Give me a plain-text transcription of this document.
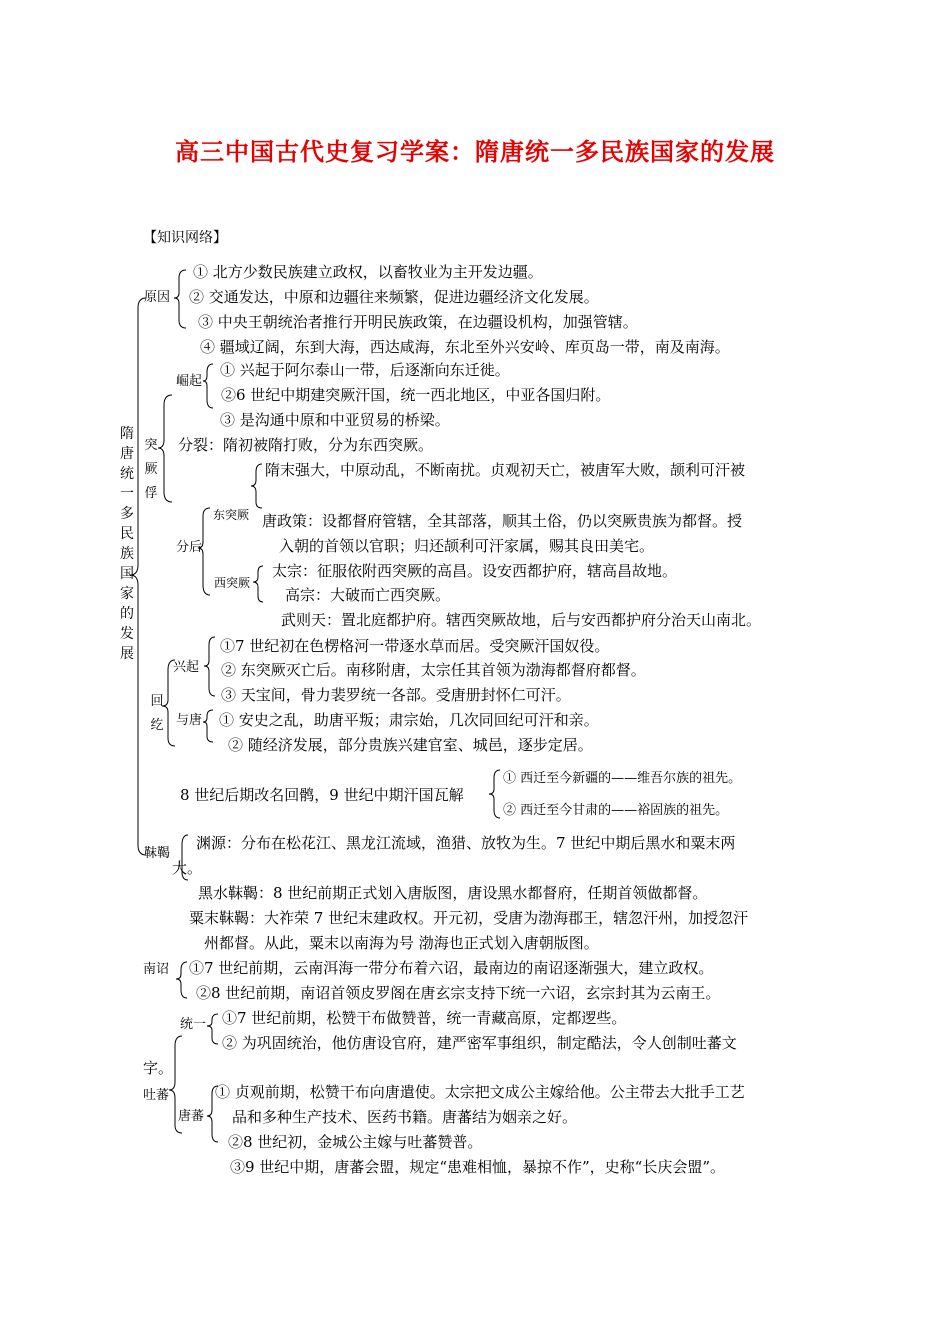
高三中国古代史复习学案：隋唐统一多民族国家的发展
【知识网络】
隋唐统一多民族国家的发展
原因
① 北方少数民族建立政权，以畜牧业为主开发边疆。
② 交通发达，中原和边疆往来频繁，促进边疆经济文化发展。
③ 中央王朝统治者推行开明民族政策，在边疆设机构，加强管辖。
④ 疆域辽阔，东到大海，西达咸海，东北至外兴安岭、库页岛一带，南及南海。
突厥俘
崛起
① 兴起于阿尔泰山一带，后逐渐向东迁徙。
②6 世纪中期建突厥汗国，统一西北地区，中亚各国归附。
③ 是沟通中原和中亚贸易的桥梁。
分裂：隋初被隋打败，分为东西突厥。
分后
东突厥
隋末强大，中原动乱，不断南扰。贞观初天亡，被唐军大败，颉利可汗被
唐政策：设都督府管辖，全其部落，顺其土俗，仍以突厥贵族为都督。授
入朝的首领以官职；归还颉利可汗家属，赐其良田美宅。
西突厥
太宗：征服依附西突厥的高昌。设安西都护府，辖高昌故地。
高宗：大破而亡西突厥。
武则天：置北庭都护府。辖西突厥故地，后与安西都护府分治天山南北。
回纥
兴起
①7 世纪初在色楞格河一带逐水草而居。受突厥汗国奴役。
② 东突厥灭亡后。南移附唐，太宗任其首领为渤海都督府都督。
③ 天宝间，骨力裴罗统一各部。受唐册封怀仁可汗。
与唐 ① 安史之乱，助唐平叛；肃宗始，几次同回纪可汗和亲。
② 随经济发展，部分贵族兴建官室、城邑，逐步定居。
8 世纪后期改名回鹘，9 世纪中期汗国瓦解
① 西迁至今新疆的——维吾尔族的祖先。
② 西迁至今甘肃的——裕固族的祖先。
靺鞨
渊源：分布在松花江、黑龙江流域，渔猎、放牧为生。7 世纪中期后黑水和粟末两
大。
黑水靺鞨：8 世纪前期正式划入唐版图，唐设黑水都督府，任期首领做都督。
粟末靺鞨：大祚荣 7 世纪末建政权。开元初，受唐为渤海郡王，辖忽汗州，加授忽汗
州都督。从此，粟末以南海为号 渤海也正式划入唐朝版图。
南诏 ①7 世纪前期，云南洱海一带分布着六诏，最南边的南诏逐渐强大，建立政权。
②8 世纪前期，南诏首领皮罗阁在唐玄宗支持下统一六诏，玄宗封其为云南王。
统一 ①7 世纪前期，松赞干布做赞普，统一青藏高原，定都逻些。
② 为巩固统治，他仿唐设官府，建严密军事组织，制定酷法，令人创制吐蕃文
字。
吐蕃
唐蕃
① 贞观前期，松赞干布向唐遣使。太宗把文成公主嫁给他。公主带去大批手工艺
品和多种生产技术、医药书籍。唐蕃结为姻亲之好。
②8 世纪初，金城公主嫁与吐蕃赞普。
③9 世纪中期，唐蕃会盟，规定“患难相恤，暴掠不作”，史称“长庆会盟”。
